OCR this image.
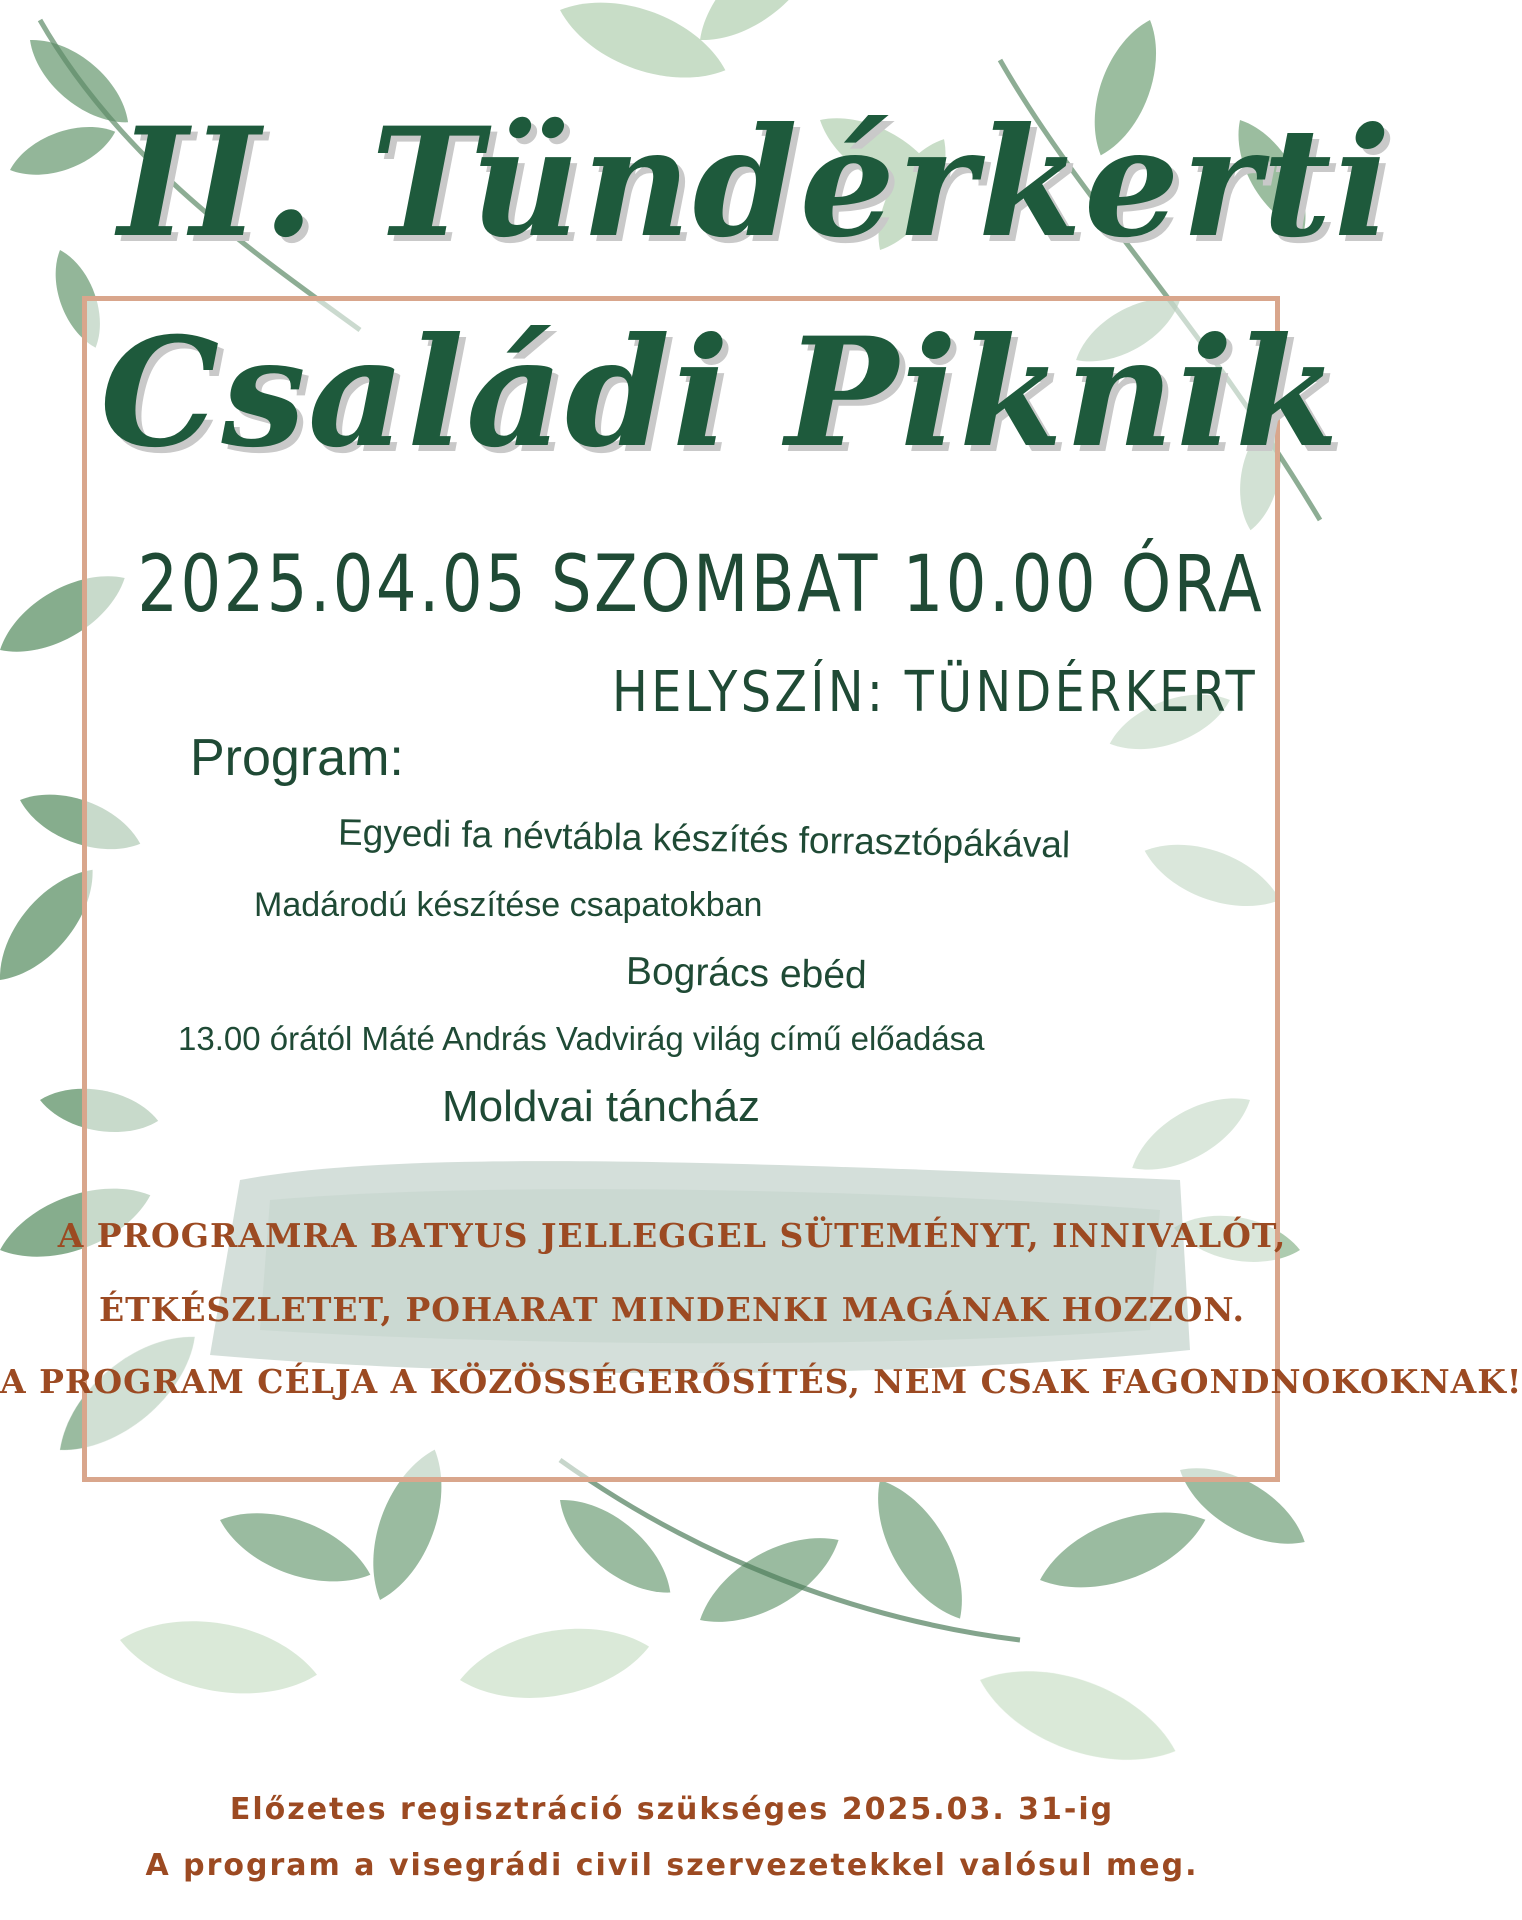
II. Tündérkerti
Családi Piknik
2025.04.05 SZOMBAT 10.00 ÓRA
HELYSZÍN: TÜNDÉRKERT
Program:
Egyedi fa névtábla készítés forrasztópákával
Madárodú készítése csapatokban
Bogrács ebéd
13.00 órától Máté András Vadvirág világ című előadása
Moldvai táncház
A PROGRAMRA BATYUS JELLEGGEL SÜTEMÉNYT, INNIVALÓT,
ÉTKÉSZLETET, POHARAT MINDENKI MAGÁNAK HOZZON.
A PROGRAM CÉLJA A KÖZÖSSÉGERŐSÍTÉS, NEM CSAK FAGONDNOKOKNAK!
Előzetes regisztráció szükséges 2025.03. 31-ig
A program a visegrádi civil szervezetekkel valósul meg.
